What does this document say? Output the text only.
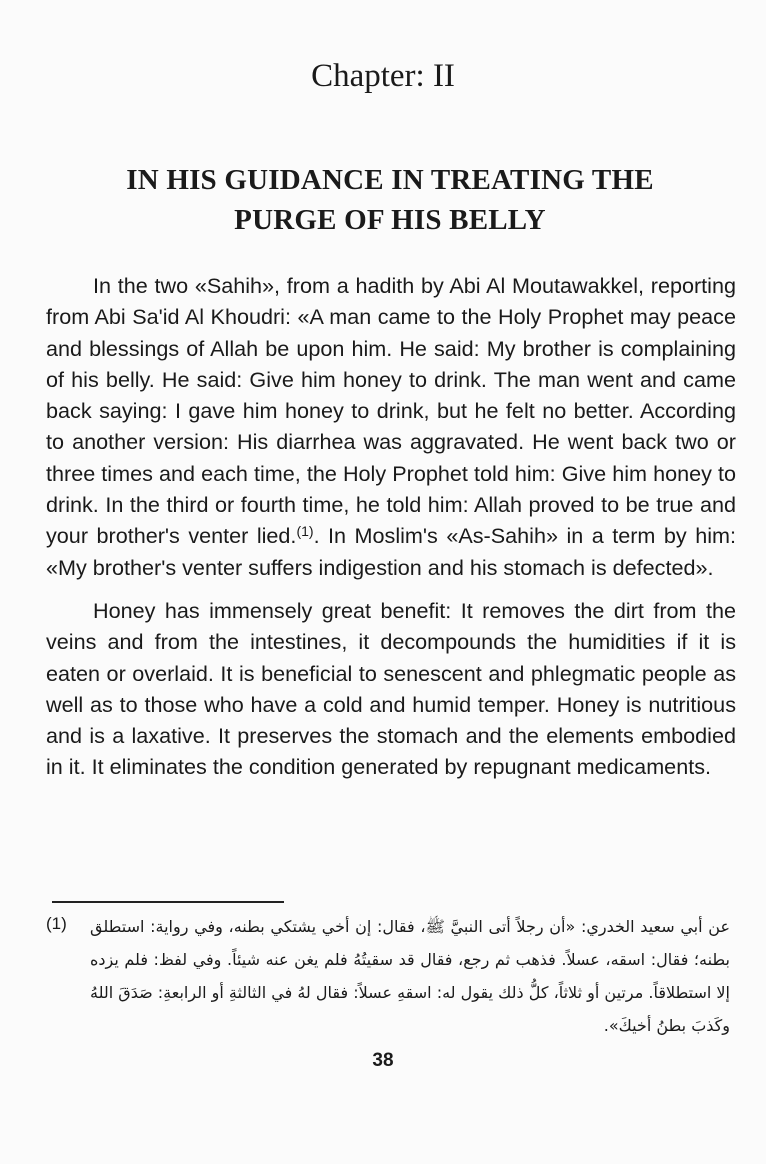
Chapter: II
IN HIS GUIDANCE IN TREATING THE
PURGE OF HIS BELLY

In the two «Sahih», from a hadith by Abi Al Moutawakkel, reporting from Abi Sa'id Al Khoudri: «A man came to the Holy Prophet may peace and blessings of Allah be upon him. He said: My brother is complaining of his belly. He said: Give him honey to drink. The man went and came back saying: I gave him honey to drink, but he felt no better. According to another version: His diarrhea was aggravated. He went back two or three times and each time, the Holy Prophet told him: Give him honey to drink. In the third or fourth time, he told him: Allah proved to be true and your brother's venter lied.$^{(1)}$. In Moslim's «As-Sahih» in a term by him: «My brother's venter suffers indigestion and his stomach is defected».

Honey has immensely great benefit: It removes the dirt from the veins and from the intestines, it decompounds the humidities if it is eaten or overlaid. It is beneficial to senescent and phlegmatic people as well as to those who have a cold and humid temper. Honey is nutritious and is a laxative. It preserves the stomach and the elements embodied in it. It eliminates the condition generated by repugnant medicaments.

(1) عن أبي سعيد الخدري: «أن رجلاً أتى النبيَّ ﷺ، فقال: إن أخي يشتكي بطنه، وفي رواية: استطلق بطنه؛ فقال: اسقه، عسلاً. فذهب ثم رجع، فقال قد سقيتُهُ فلم يغن عنه شيئاً. وفي لفظ: فلم يزده إلا استطلاقاً. مرتين أو ثلاثاً، كلُّ ذلك يقول له: اسقهِ عسلاً: فقال لهُ في الثالثةِ أو الرابعةِ: صَدَقَ اللهُ وكَذبَ بطنُ أخيكَ».
38
